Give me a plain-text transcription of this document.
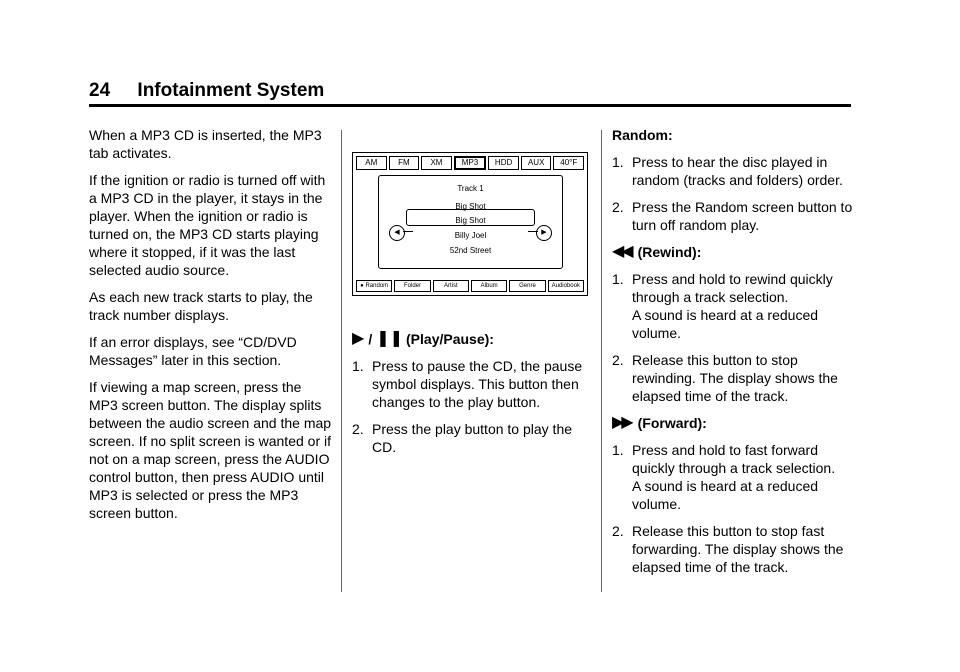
24 Infotainment System

When a MP3 CD is inserted, the MP3 tab activates.

If the ignition or radio is turned off with a MP3 CD in the player, it stays in the player. When the ignition or radio is turned on, the MP3 CD starts playing where it stopped, if it was the last selected audio source.

As each new track starts to play, the track number displays.

If an error displays, see “CD/DVD Messages” later in this section.

If viewing a map screen, press the MP3 screen button. The display splits between the audio screen and the map screen. If no split screen is wanted or if not on a map screen, press the AUDIO control button, then press AUDIO until MP3 is selected or press the MP3 screen button.

AM	FM	XM	MP3	HDD	AUX	40°F
Track 1
Big Shot
Big Shot
Billy Joel
52nd Street
◀	▶
● Random	Folder	Artist	Album	Genre	Audiobook
▶ / ❚❚ (Play/Pause):
1. Press to pause the CD, the pause symbol displays. This button then changes to the play button.
2. Press the play button to play the CD.
Random:
1. Press to hear the disc played in random (tracks and folders) order.
2. Press the Random screen button to turn off random play.
◀◀ (Rewind):
1. Press and hold to rewind quickly through a track selection.
A sound is heard at a reduced volume.
2. Release this button to stop rewinding. The display shows the elapsed time of the track.
▶▶ (Forward):
1. Press and hold to fast forward quickly through a track selection.
A sound is heard at a reduced volume.
2. Release this button to stop fast forwarding. The display shows the elapsed time of the track.
